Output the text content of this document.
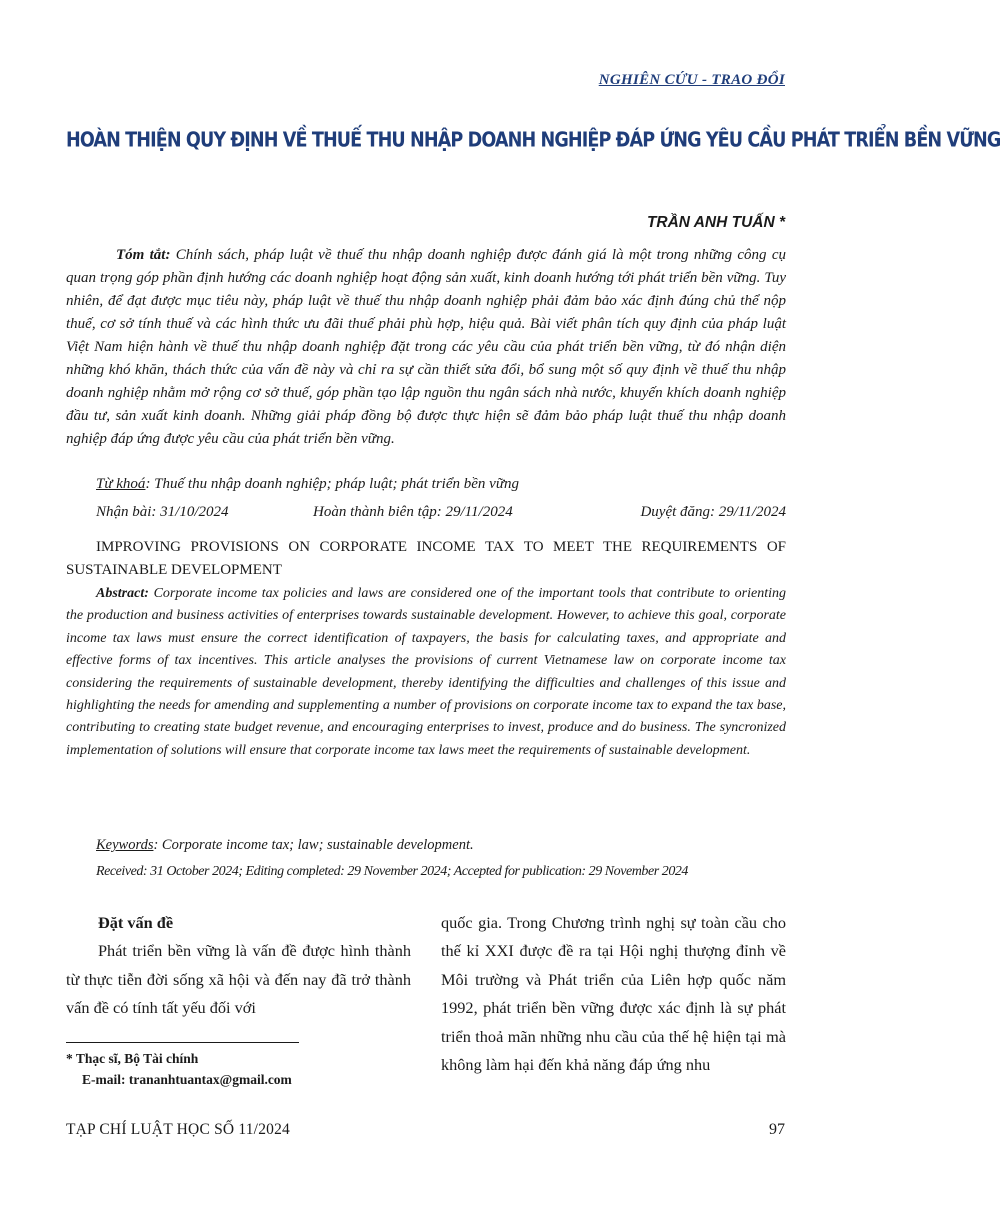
NGHIÊN CỨU - TRAO ĐỔI
HOÀN THIỆN QUY ĐỊNH VỀ THUẾ THU NHẬP DOANH NGHIỆP ĐÁP ỨNG YÊU CẦU PHÁT TRIỂN BỀN VỮNG
TRẦN ANH TUẤN *

Tóm tắt: Chính sách, pháp luật về thuế thu nhập doanh nghiệp được đánh giá là một trong những công cụ quan trọng góp phần định hướng các doanh nghiệp hoạt động sản xuất, kinh doanh hướng tới phát triển bền vững. Tuy nhiên, để đạt được mục tiêu này, pháp luật về thuế thu nhập doanh nghiệp phải đảm bảo xác định đúng chủ thể nộp thuế, cơ sở tính thuế và các hình thức ưu đãi thuế phải phù hợp, hiệu quả. Bài viết phân tích quy định của pháp luật Việt Nam hiện hành về thuế thu nhập doanh nghiệp đặt trong các yêu cầu của phát triển bền vững, từ đó nhận diện những khó khăn, thách thức của vấn đề này và chỉ ra sự cần thiết sửa đổi, bổ sung một số quy định về thuế thu nhập doanh nghiệp nhằm mở rộng cơ sở thuế, góp phần tạo lập nguồn thu ngân sách nhà nước, khuyến khích doanh nghiệp đầu tư, sản xuất kinh doanh. Những giải pháp đồng bộ được thực hiện sẽ đảm bảo pháp luật thuế thu nhập doanh nghiệp đáp ứng được yêu cầu của phát triển bền vững.

Từ khoá: Thuế thu nhập doanh nghiệp; pháp luật; phát triển bền vững
Nhận bài: 31/10/2024	Hoàn thành biên tập: 29/11/2024	Duyệt đăng: 29/11/2024
IMPROVING PROVISIONS ON CORPORATE INCOME TAX TO MEET THE REQUIREMENTS OF SUSTAINABLE DEVELOPMENT

Abstract: Corporate income tax policies and laws are considered one of the important tools that contribute to orienting the production and business activities of enterprises towards sustainable development. However, to achieve this goal, corporate income tax laws must ensure the correct identification of taxpayers, the basis for calculating taxes, and appropriate and effective forms of tax incentives. This article analyses the provisions of current Vietnamese law on corporate income tax considering the requirements of sustainable development, thereby identifying the difficulties and challenges of this issue and highlighting the needs for amending and supplementing a number of provisions on corporate income tax to expand the tax base, contributing to creating state budget revenue, and encouraging enterprises to invest, produce and do business. The syncronized implementation of solutions will ensure that corporate income tax laws meet the requirements of sustainable development.

Keywords: Corporate income tax; law; sustainable development.
Received: 31 October 2024; Editing completed: 29 November 2024; Accepted for publication: 29 November 2024

Đặt vấn đề

Phát triển bền vững là vấn đề được hình thành từ thực tiễn đời sống xã hội và đến nay đã trở thành vấn đề có tính tất yếu đối với

quốc gia. Trong Chương trình nghị sự toàn cầu cho thế kỉ XXI được đề ra tại Hội nghị thượng đỉnh về Môi trường và Phát triển của Liên hợp quốc năm 1992, phát triển bền vững được xác định là sự phát triển thoả mãn những nhu cầu của thế hệ hiện tại mà không làm hại đến khả năng đáp ứng nhu

* Thạc sĩ, Bộ Tài chính
E-mail: trananhtuantax@gmail.com
TẠP CHÍ LUẬT HỌC SỐ 11/2024	97
